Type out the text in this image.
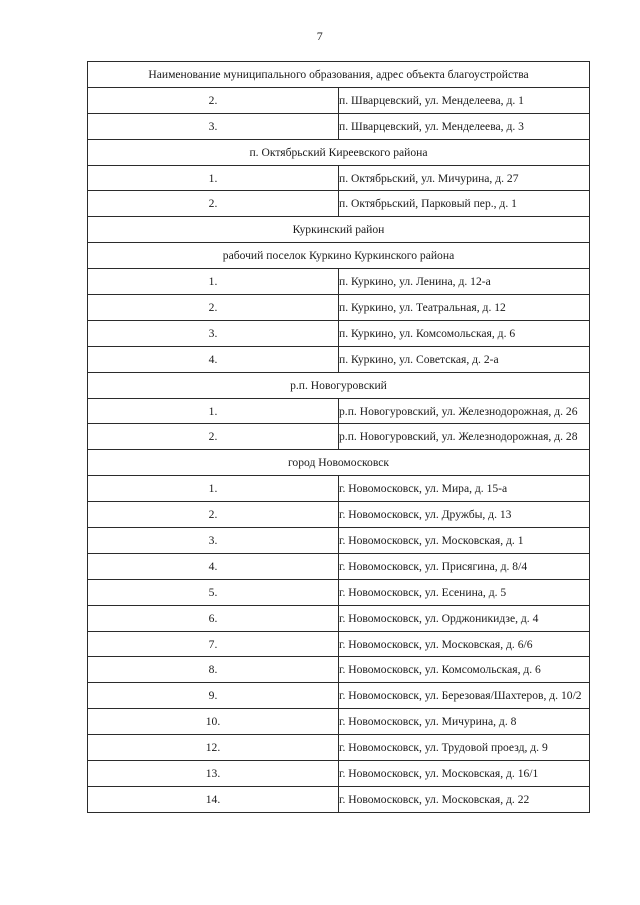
7
Наименование муниципального образования, адрес объекта благоустройства	
2.	п. Шварцевский, ул. Менделеева, д. 1
3.	п. Шварцевский, ул. Менделеева, д. 3
п. Октябрьский Киреевского района	
1.	п. Октябрьский, ул. Мичурина, д. 27
2.	п. Октябрьский, Парковый пер., д. 1
Куркинский район	
рабочий поселок Куркино Куркинского района	
1.	п. Куркино, ул. Ленина, д. 12-а
2.	п. Куркино, ул. Театральная, д. 12
3.	п. Куркино, ул. Комсомольская, д. 6
4.	п. Куркино, ул. Советская, д. 2-а
р.п. Новогуровский	
1.	р.п. Новогуровский, ул. Железнодорожная, д. 26
2.	р.п. Новогуровский, ул. Железнодорожная, д. 28
город Новомосковск	
1.	г. Новомосковск, ул. Мира, д. 15-а
2.	г. Новомосковск, ул. Дружбы, д. 13
3.	г. Новомосковск, ул. Московская, д. 1
4.	г. Новомосковск, ул. Присягина, д. 8/4
5.	г. Новомосковск, ул. Есенина, д. 5
6.	г. Новомосковск, ул. Орджоникидзе, д. 4
7.	г. Новомосковск, ул. Московская, д. 6/6
8.	г. Новомосковск, ул. Комсомольская, д. 6
9.	г. Новомосковск, ул. Березовая/Шахтеров, д. 10/2
10.	г. Новомосковск, ул. Мичурина, д. 8
12.	г. Новомосковск, ул. Трудовой проезд, д. 9
13.	г. Новомосковск, ул. Московская, д. 16/1
14.	г. Новомосковск, ул. Московская, д. 22
